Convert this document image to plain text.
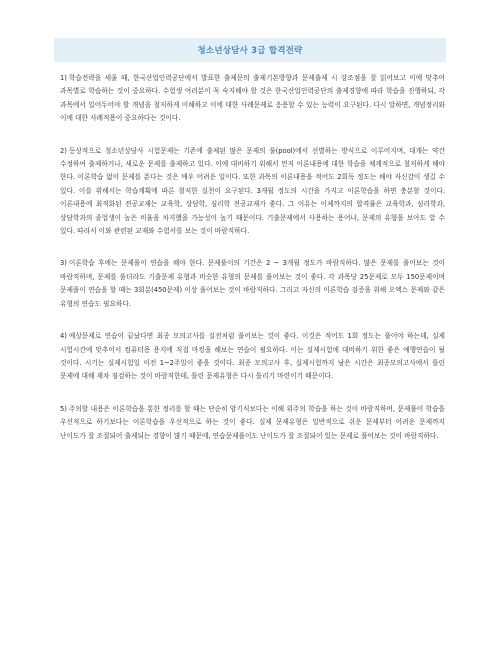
청소년상담사 3급 합격전략

1) 학습전략을 세울 때, 한국산업인력공단에서 발표한 출제문의 출제기본방향과 문제출제 시 강조점을 잘 읽어보고 이에 맞추어 과목별로 학습하는 것이 중요하다. 수험생 여러분이 꼭 숙지해야 할 것은 한국산업인력공단의 출제경향에 따라 학습을 진행하되, 각 과목에서 일어두어야 할 개념을 철저하게 이해하고 이에 대한 사례문제로 응용할 수 있는 능력이 요구된다. 다시 말하면, 개념정리와 이에 대한 사례적용이 중요하다는 것이다.

2) 등상적으로 청소년상담사 시험문제는 기존에 출제된 많은 문제의 풀(pool)에서 선별하는 방식으로 이루어지며, 대개는 약간 수정하여 출제하거나, 새로운 문제를 출제하고 있다. 이에 대비하기 위해서 먼저 이론내용에 대한 학습을 체계적으로 철저하게 해야 한다. 이론학습 없이 문제를 푼다는 것은 매우 어려운 일이다. 또한 과목의 이론내용을 적어도 2회독 정도는 해야 자신감이 생길 수 있다. 이를 위해서는 학습계획에 따른 철저한 실천이 요구된다. 3개월 정도의 시간을 가지고 이론학습을 하면 충분할 것이다. 이론내용에 최적화된 전공교재는 교육학, 상담학, 심리학 전공교재가 좋다. 그 이유는 이제까지의 합격률은 교육학과, 심리학과, 상담학과의 졸업생이 높은 비율을 차지했을 가능성이 높기 때문이다. 기출문제에서 사용하는 용어나, 문제의 유형을 보아도 알 수 있다. 따라서 이와 관련된 교재와 수험서를 보는 것이 바람직하다.

3) 이론학습 후에는 문제풀이 연습을 해야 한다. 문제풀이의 기간은 2 ~ 3개월 정도가 바람직하다. 많은 문제를 풀어보는 것이 바람직하며, 문제를 풀더라도 기출문제 유형과 비슷한 유형의 문제를 풀어보는 것이 좋다. 각 과목당 25문제로 모두 150문제이며 문제풀이 연습을 할 때는 3회분(450문제) 이상 풀어보는 것이 바람직하다. 그리고 자신의 이론학습 검증을 위해 오엑스 문제와 같은 유형의 연습도 필요하다.

4) 예상문제로 연습이 끝났다면 최종 모의고사를 실전처럼 풀어보는 것이 좋다. 이것은 적어도 1회 정도는 풀어야 하는데, 실제 시험시간에 맞추어서 컴퓨터용 용지에 직접 마킹을 해보는 연습이 필요하다. 이는 실제시험에 대비하기 위한 좋은 예행연습이 될 것이다. 시기는 실제시험일 이전 1~2주일이 좋을 것이다. 최종 모의고사 후, 실제시험까지 남은 시간은 최종모의고사에서 틀린 문제에 대해 재차 점검하는 것이 바람직한데, 틀린 문제유형은 다시 틀리기 마련이기 때문이다.

5) 주의할 내용은 이론학습을 통한 정리를 할 때는 단순히 암기식보다는 이해 위주의 학습을 하는 것이 바람직하며, 문제풀이 학습을 우선적으로 하기보다는 이론학습을 우선적으로 하는 것이 좋다. 실제 문제유형은 일반적으로 쉬운 문제부터 어려운 문제까지 난이도가 잘 조절되어 출제되는 경향이 많기 때문에, 연습문제풀이도 난이도가 잘 조절되어 있는 문제로 풀어보는 것이 바람직하다.
